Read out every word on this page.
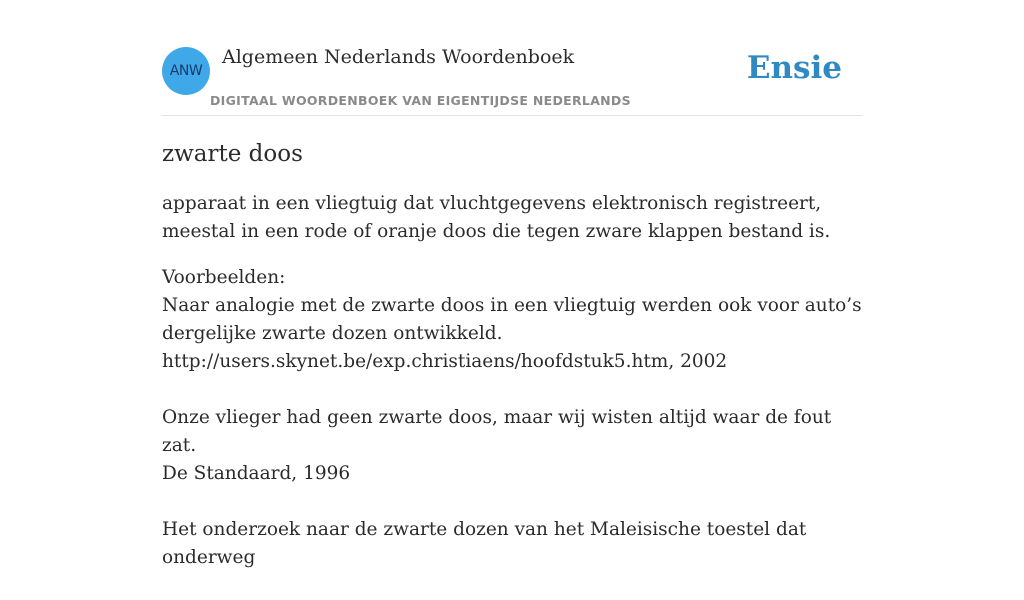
ANW
Algemeen Nederlands Woordenboek
DIGITAAL WOORDENBOEK VAN EIGENTIJDSE NEDERLANDS
Ensie
zwarte doos

apparaat in een vliegtuig dat vluchtgegevens elektronisch registreert, meestal in een rode of oranje doos die tegen zware klappen bestand is.

Voorbeelden:
Naar analogie met de zwarte doos in een vliegtuig werden ook voor auto’s dergelijke zwarte dozen ontwikkeld.
http://users.skynet.be/exp.christiaens/hoofdstuk5.htm, 2002
Onze vlieger had geen zwarte doos, maar wij wisten altijd waar de fout zat.
De Standaard, 1996
Het onderzoek naar de zwarte dozen van het Maleisische toestel dat onderweg
